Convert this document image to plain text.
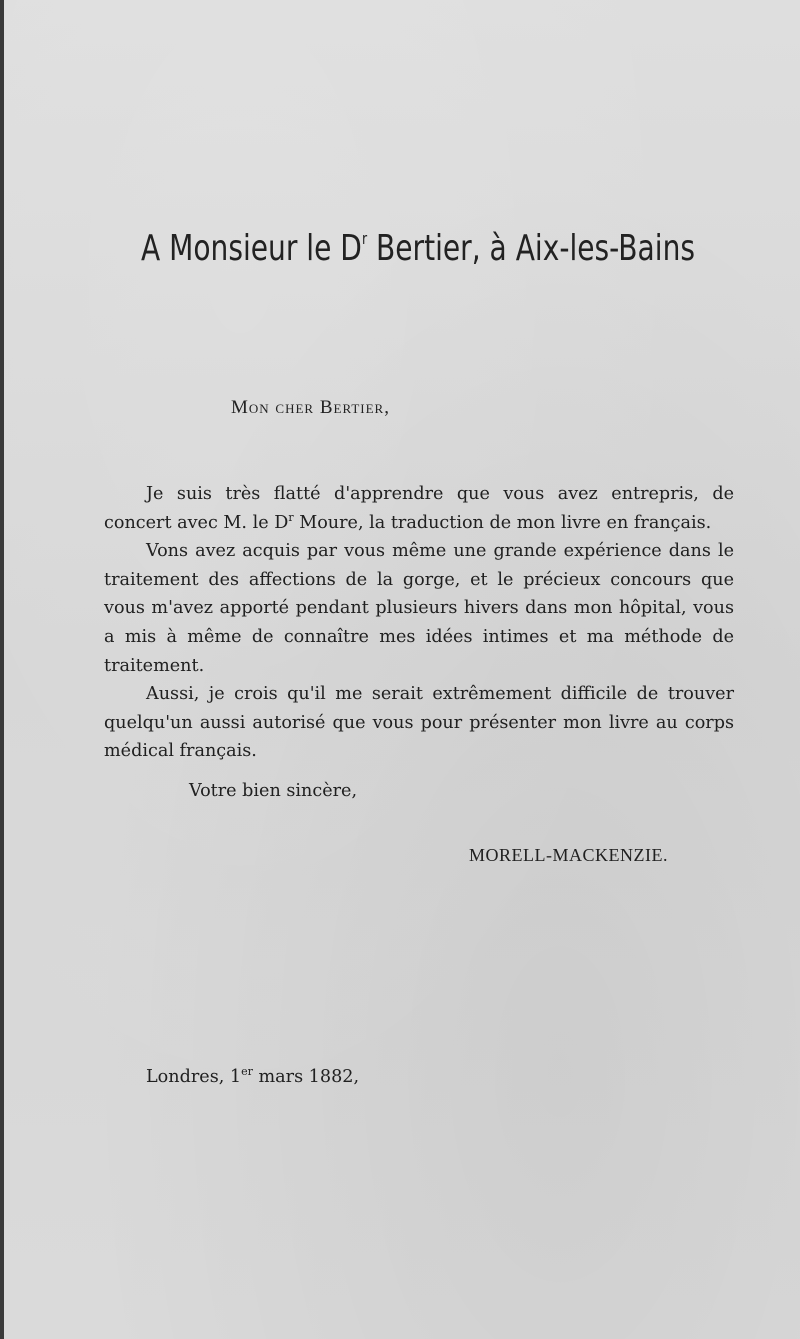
A Monsieur le $D^r$ Bertier, à Aix-les-Bains
Mon cher Bertier,

Je suis très flatté d'apprendre que vous avez entrepris, de concert avec M. le $D^r$ Moure, la traduction de mon livre en français.

Vons avez acquis par vous même une grande expérience dans le traitement des affections de la gorge, et le précieux concours que vous m'avez apporté pendant plusieurs hivers dans mon hôpital, vous a mis à même de connaître mes idées intimes et ma méthode de traitement.

Aussi, je crois qu'il me serait extrêmement difficile de trouver quelqu'un aussi autorisé que vous pour présenter mon livre au corps médical français.

Votre bien sincère,
MORELL-MACKENZIE.
Londres, 1er mars 1882,
